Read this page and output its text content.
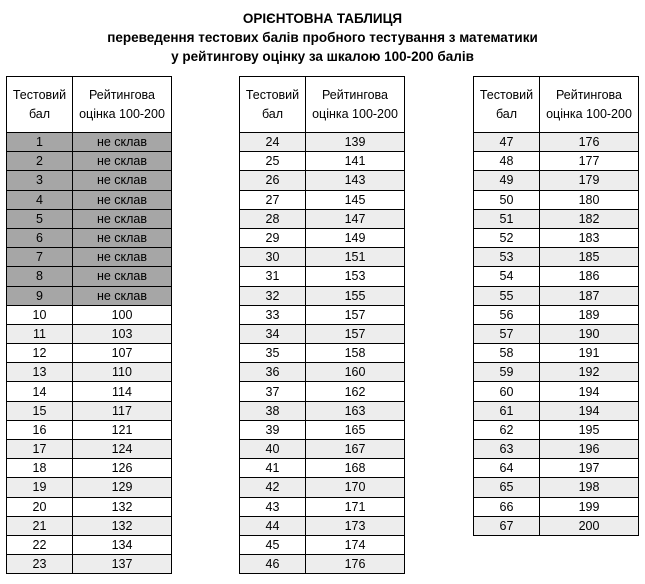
ОРІЄНТОВНА ТАБЛИЦЯ
переведення тестових балів пробного тестування з математики
у рейтингову оцінку за шкалою 100-200 балів
Тестовий бал	Рейтингова оцінка 100-200
1	не склав
2	не склав
3	не склав
4	не склав
5	не склав
6	не склав
7	не склав
8	не склав
9	не склав
10	100
11	103
12	107
13	110
14	114
15	117
16	121
17	124
18	126
19	129
20	132
21	132
22	134
23	137
Тестовий бал	Рейтингова оцінка 100-200
24	139
25	141
26	143
27	145
28	147
29	149
30	151
31	153
32	155
33	157
34	157
35	158
36	160
37	162
38	163
39	165
40	167
41	168
42	170
43	171
44	173
45	174
46	176
Тестовий бал	Рейтингова оцінка 100-200
47	176
48	177
49	179
50	180
51	182
52	183
53	185
54	186
55	187
56	189
57	190
58	191
59	192
60	194
61	194
62	195
63	196
64	197
65	198
66	199
67	200
